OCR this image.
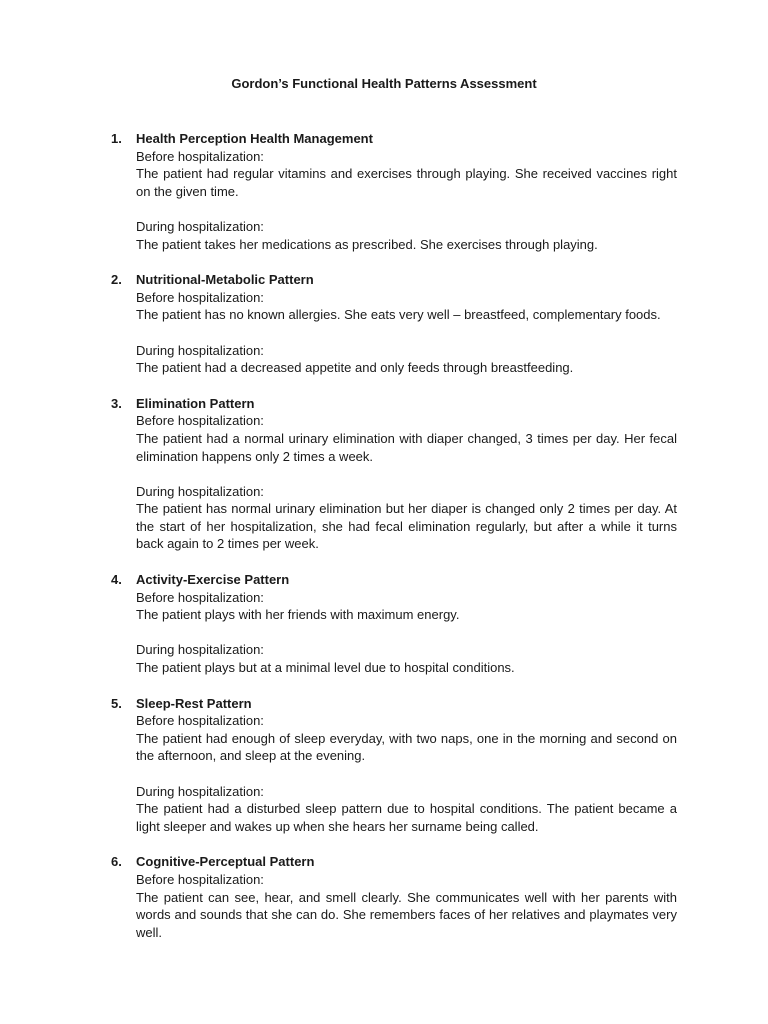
Gordon’s Functional Health Patterns Assessment
1. Health Perception Health Management
Before hospitalization:
The patient had regular vitamins and exercises through playing. She received vaccines right on the given time.
During hospitalization:
The patient takes her medications as prescribed. She exercises through playing.
2. Nutritional-Metabolic Pattern
Before hospitalization:
The patient has no known allergies. She eats very well – breastfeed, complementary foods.
During hospitalization:
The patient had a decreased appetite and only feeds through breastfeeding.
3. Elimination Pattern
Before hospitalization:
The patient had a normal urinary elimination with diaper changed, 3 times per day. Her fecal elimination happens only 2 times a week.
During hospitalization:
The patient has normal urinary elimination but her diaper is changed only 2 times per day. At the start of her hospitalization, she had fecal elimination regularly, but after a while it turns back again to 2 times per week.
4. Activity-Exercise Pattern
Before hospitalization:
The patient plays with her friends with maximum energy.
During hospitalization:
The patient plays but at a minimal level due to hospital conditions.
5. Sleep-Rest Pattern
Before hospitalization:
The patient had enough of sleep everyday, with two naps, one in the morning and second on the afternoon, and sleep at the evening.
During hospitalization:
The patient had a disturbed sleep pattern due to hospital conditions. The patient became a light sleeper and wakes up when she hears her surname being called.
6. Cognitive-Perceptual Pattern
Before hospitalization:
The patient can see, hear, and smell clearly. She communicates well with her parents with words and sounds that she can do. She remembers faces of her relatives and playmates very well.
